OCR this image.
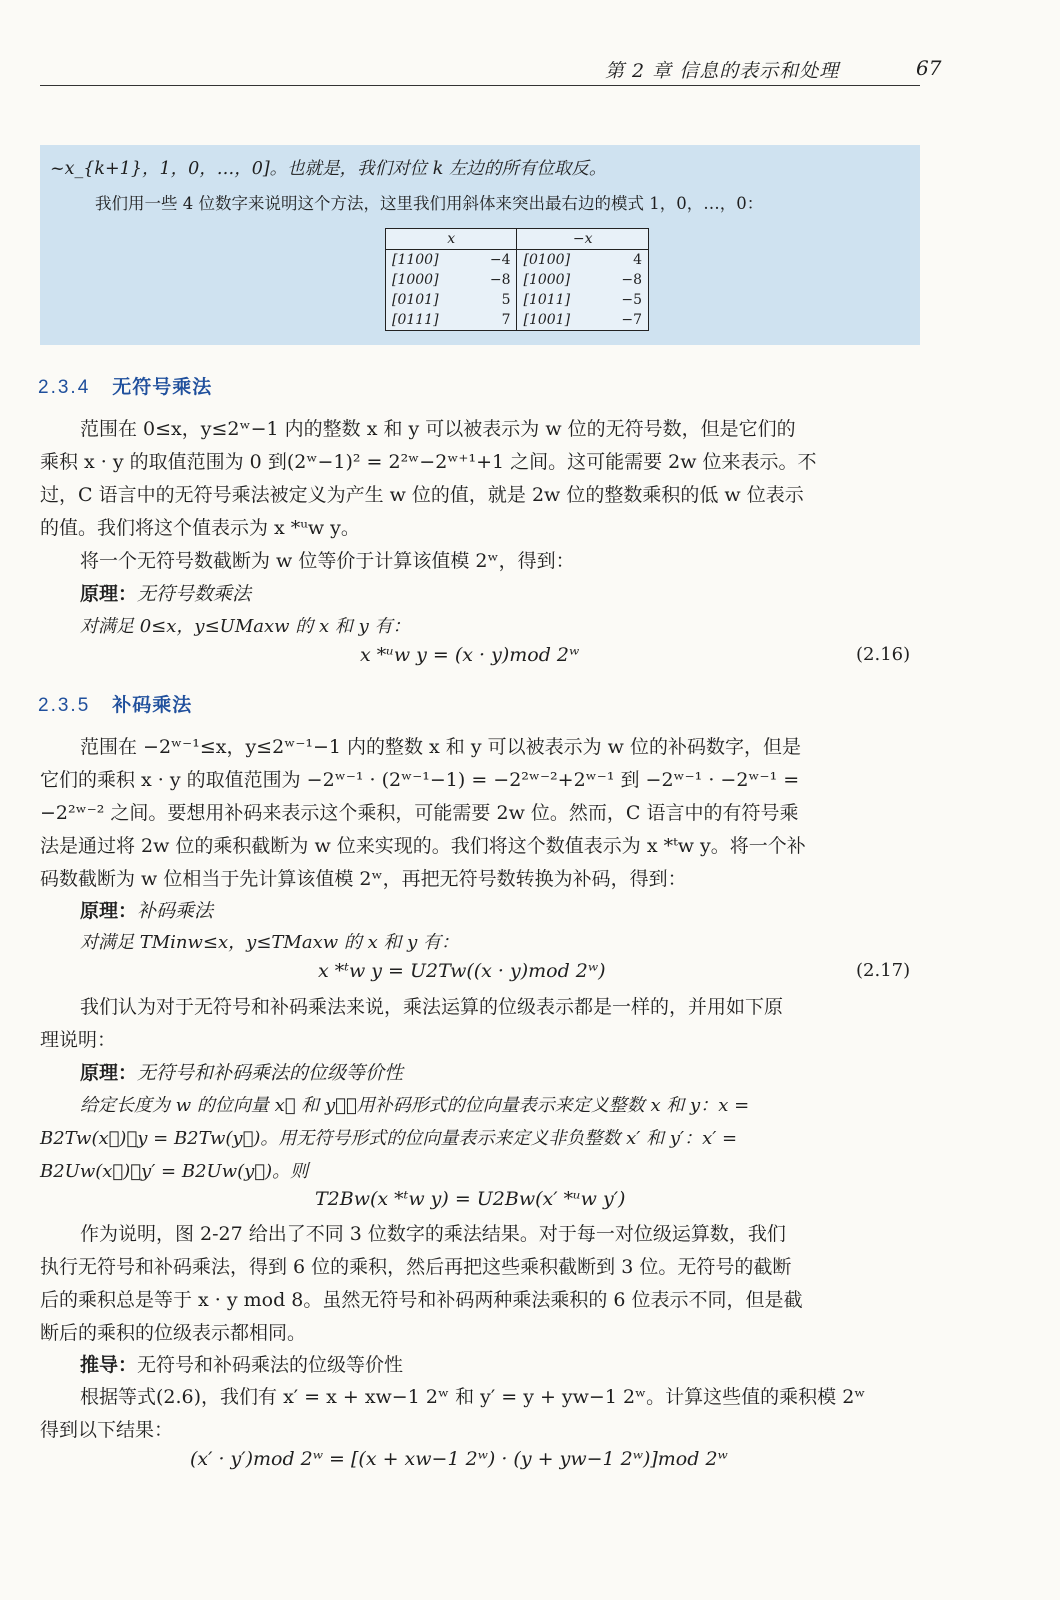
第 2 章 信息的表示和处理	67
~x_{k+1}，1，0，…，0]。也就是，我们对位 k 左边的所有位取反。
我们用一些 4 位数字来说明这个方法，这里我们用斜体来突出最右边的模式 1，0，…，0：
x		−x	
[1100]	−4	[0100]	4
[1000]	−8	[1000]	−8
[0101]	5	[1011]	−5
[0111]	7	[1001]	−7
2.3.4 无符号乘法
范围在 0≤x，y≤2ʷ−1 内的整数 x 和 y 可以被表示为 w 位的无符号数，但是它们的
乘积 x · y 的取值范围为 0 到(2ʷ−1)² = 2²ʷ−2ʷ⁺¹+1 之间。这可能需要 2w 位来表示。不
过，C 语言中的无符号乘法被定义为产生 w 位的值，就是 2w 位的整数乘积的低 w 位表示
的值。我们将这个值表示为 x *ᵘw y。
将一个无符号数截断为 w 位等价于计算该值模 2ʷ，得到：
原理：无符号数乘法
对满足 0≤x，y≤UMaxw 的 x 和 y 有：
x *ᵘw y = (x · y)mod 2ʷ	(2.16)
2.3.5 补码乘法
范围在 −2ʷ⁻¹≤x，y≤2ʷ⁻¹−1 内的整数 x 和 y 可以被表示为 w 位的补码数字，但是
它们的乘积 x · y 的取值范围为 −2ʷ⁻¹ · (2ʷ⁻¹−1) = −2²ʷ⁻²+2ʷ⁻¹ 到 −2ʷ⁻¹ · −2ʷ⁻¹ =
−2²ʷ⁻² 之间。要想用补码来表示这个乘积，可能需要 2w 位。然而，C 语言中的有符号乘
法是通过将 2w 位的乘积截断为 w 位来实现的。我们将这个数值表示为 x *ᵗw y。将一个补
码数截断为 w 位相当于先计算该值模 2ʷ，再把无符号数转换为补码，得到：
原理：补码乘法
对满足 TMinw≤x，y≤TMaxw 的 x 和 y 有：
x *ᵗw y = U2Tw((x · y)mod 2ʷ)	(2.17)
我们认为对于无符号和补码乘法来说，乘法运算的位级表示都是一样的，并用如下原
理说明：
原理：无符号和补码乘法的位级等价性
给定长度为 w 的位向量 x⃗ 和 y⃗，用补码形式的位向量表示来定义整数 x 和 y：x =
B2Tw(x⃗)，y = B2Tw(y⃗)。用无符号形式的位向量表示来定义非负整数 x′ 和 y′：x′ =
B2Uw(x⃗)，y′ = B2Uw(y⃗)。则
T2Bw(x *ᵗw y) = U2Bw(x′ *ᵘw y′)
作为说明，图 2-27 给出了不同 3 位数字的乘法结果。对于每一对位级运算数，我们
执行无符号和补码乘法，得到 6 位的乘积，然后再把这些乘积截断到 3 位。无符号的截断
后的乘积总是等于 x · y mod 8。虽然无符号和补码两种乘法乘积的 6 位表示不同，但是截
断后的乘积的位级表示都相同。
推导：无符号和补码乘法的位级等价性
根据等式(2.6)，我们有 x′ = x + xw−1 2ʷ 和 y′ = y + yw−1 2ʷ。计算这些值的乘积模 2ʷ
得到以下结果：
(x′ · y′)mod 2ʷ = [(x + xw−1 2ʷ) · (y + yw−1 2ʷ)]mod 2ʷ
